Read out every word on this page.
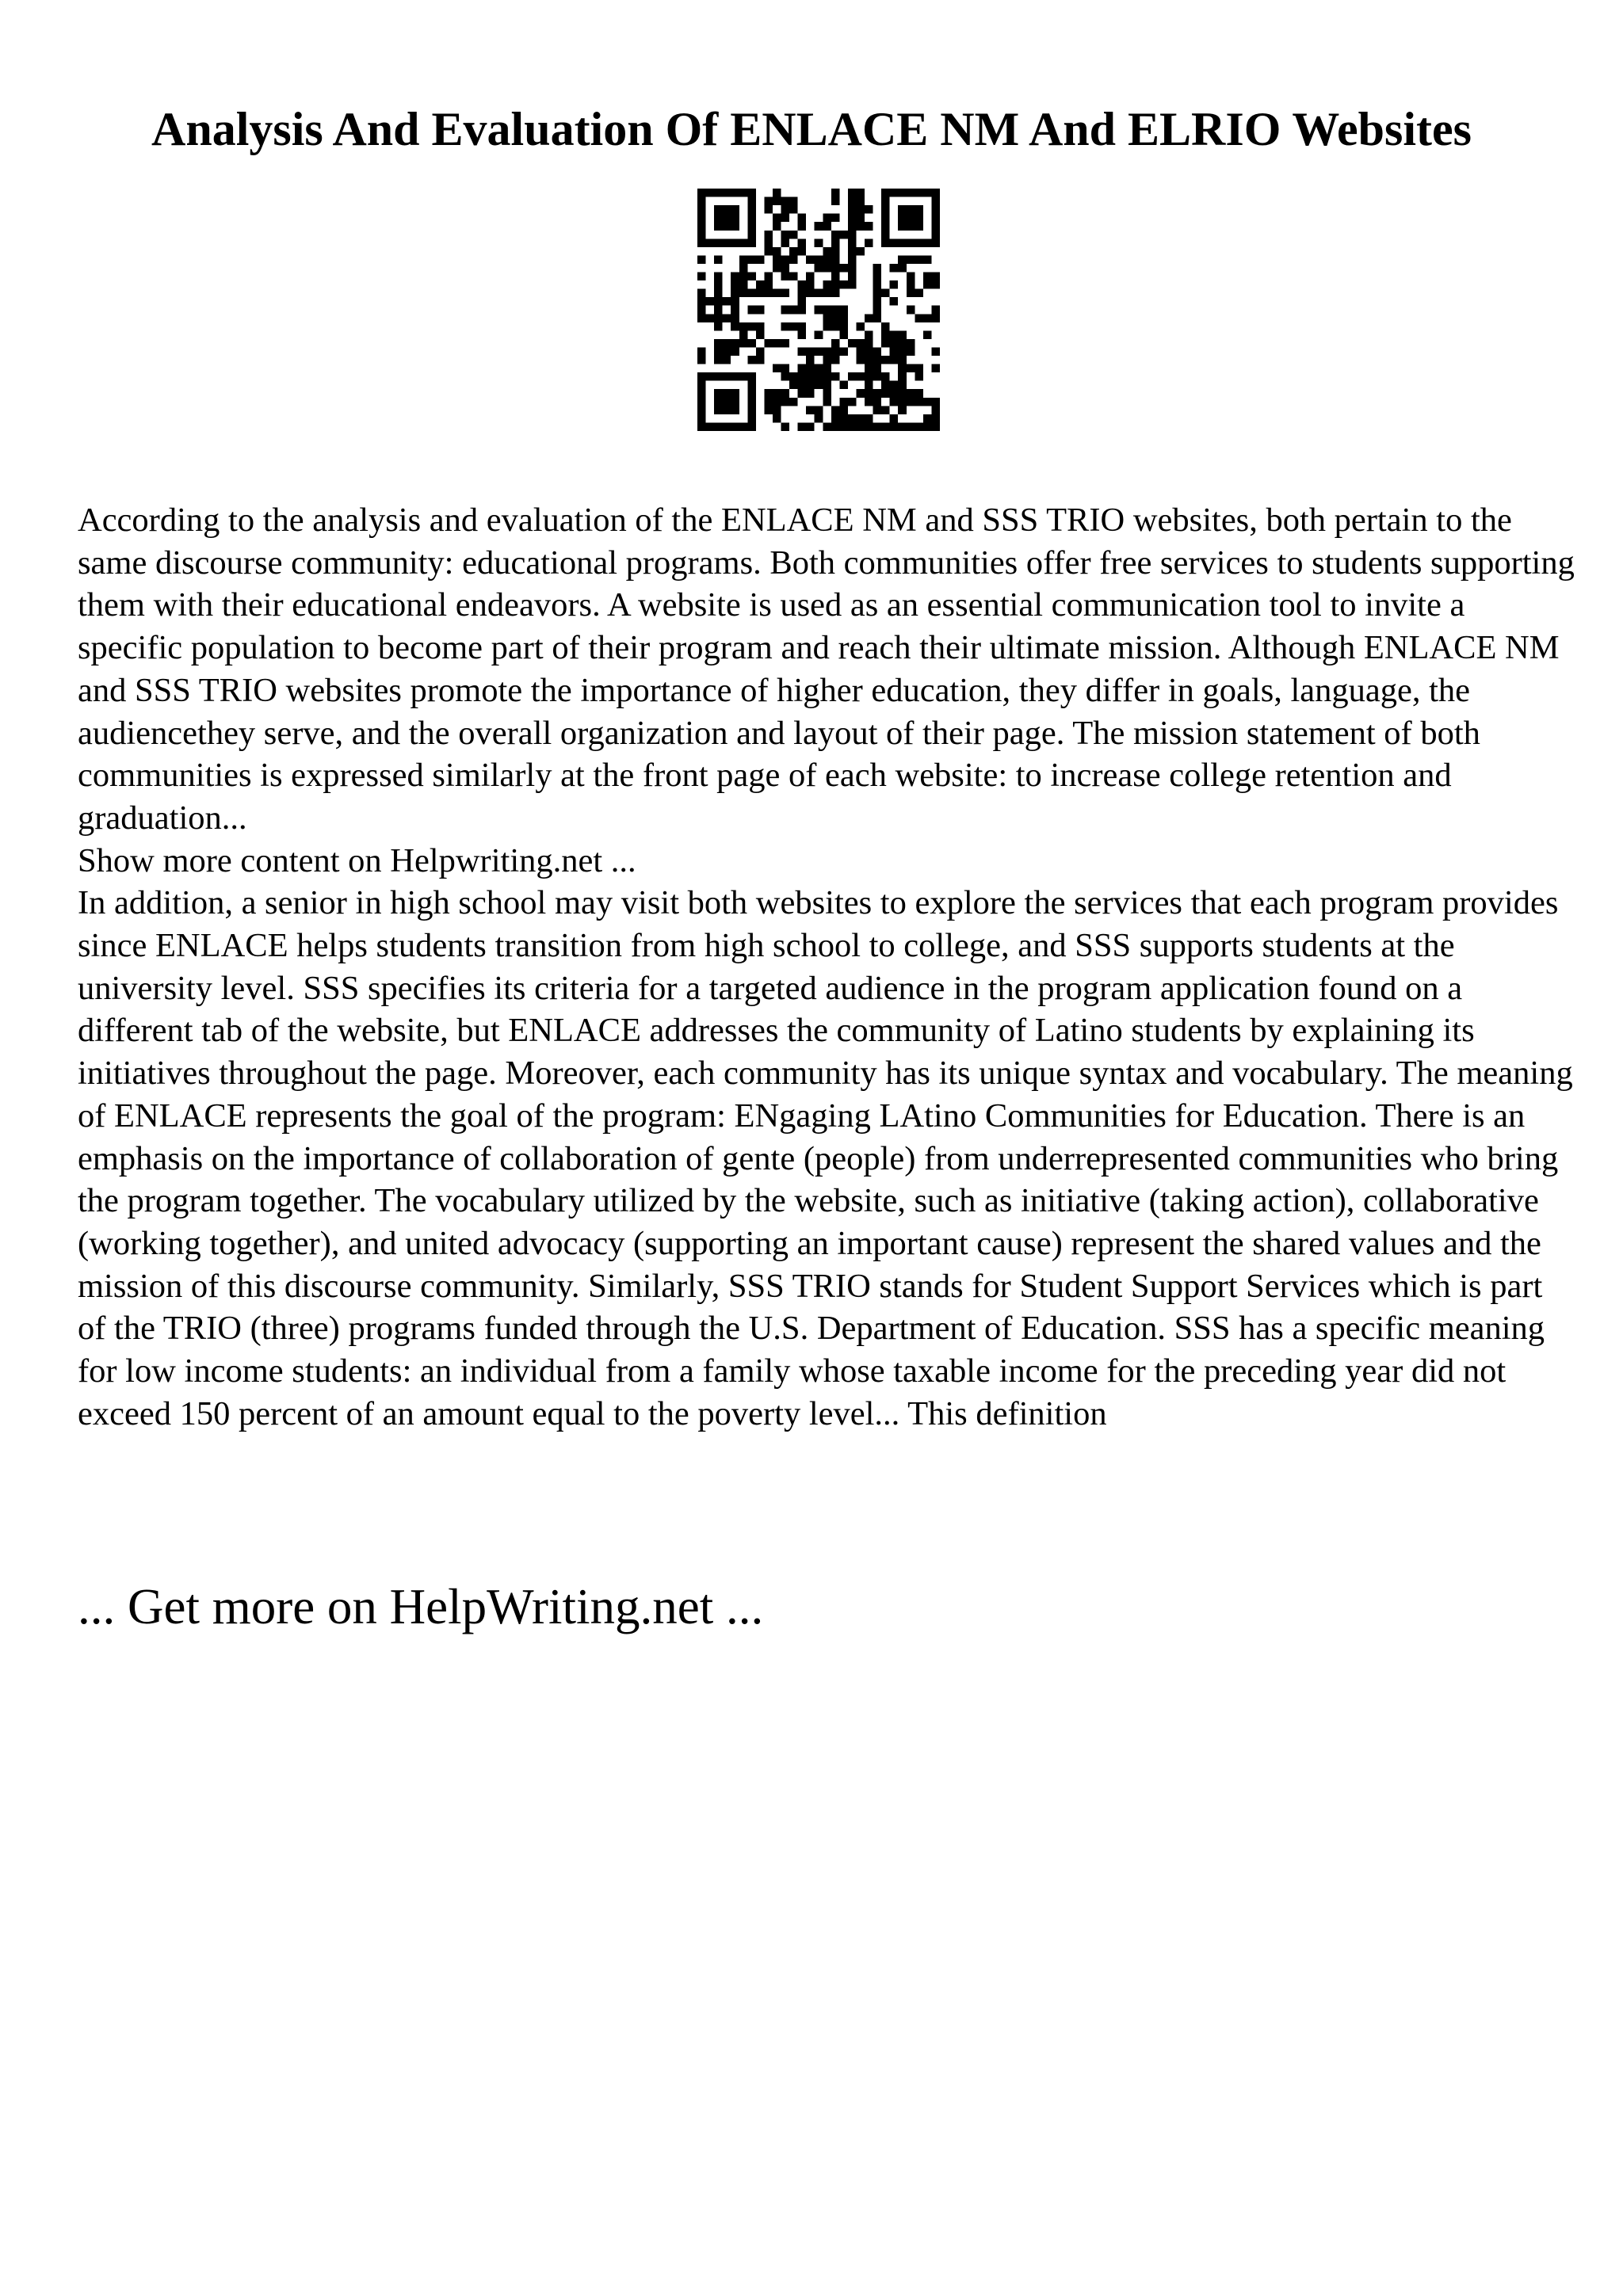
Analysis And Evaluation Of ENLACE NM And ELRIO Websites

According to the analysis and evaluation of the ENLACE NM and SSS TRIO websites, both pertain to the same discourse community: educational programs. Both communities offer free services to students supporting them with their educational endeavors. A website is used as an essential communication tool to invite a specific population to become part of their program and reach their ultimate mission. Although ENLACE NM and SSS TRIO websites promote the importance of higher education, they differ in goals, language, the audiencethey serve, and the overall organization and layout of their page. The mission statement of both communities is expressed similarly at the front page of each website: to increase college retention and graduation...

Show more content on Helpwriting.net ...

In addition, a senior in high school may visit both websites to explore the services that each program provides since ENLACE helps students transition from high school to college, and SSS supports students at the university level. SSS specifies its criteria for a targeted audience in the program application found on a different tab of the website, but ENLACE addresses the community of Latino students by explaining its initiatives throughout the page. Moreover, each community has its unique syntax and vocabulary. The meaning of ENLACE represents the goal of the program: ENgaging LAtino Communities for Education. There is an emphasis on the importance of collaboration of gente (people) from underrepresented communities who bring the program together. The vocabulary utilized by the website, such as initiative (taking action), collaborative (working together), and united advocacy (supporting an important cause) represent the shared values and the mission of this discourse community. Similarly, SSS TRIO stands for Student Support Services which is part of the TRIO (three) programs funded through the U.S. Department of Education. SSS has a specific meaning for low income students: an individual from a family whose taxable income for the preceding year did not exceed 150 percent of an amount equal to the poverty level... This definition

... Get more on HelpWriting.net ...
